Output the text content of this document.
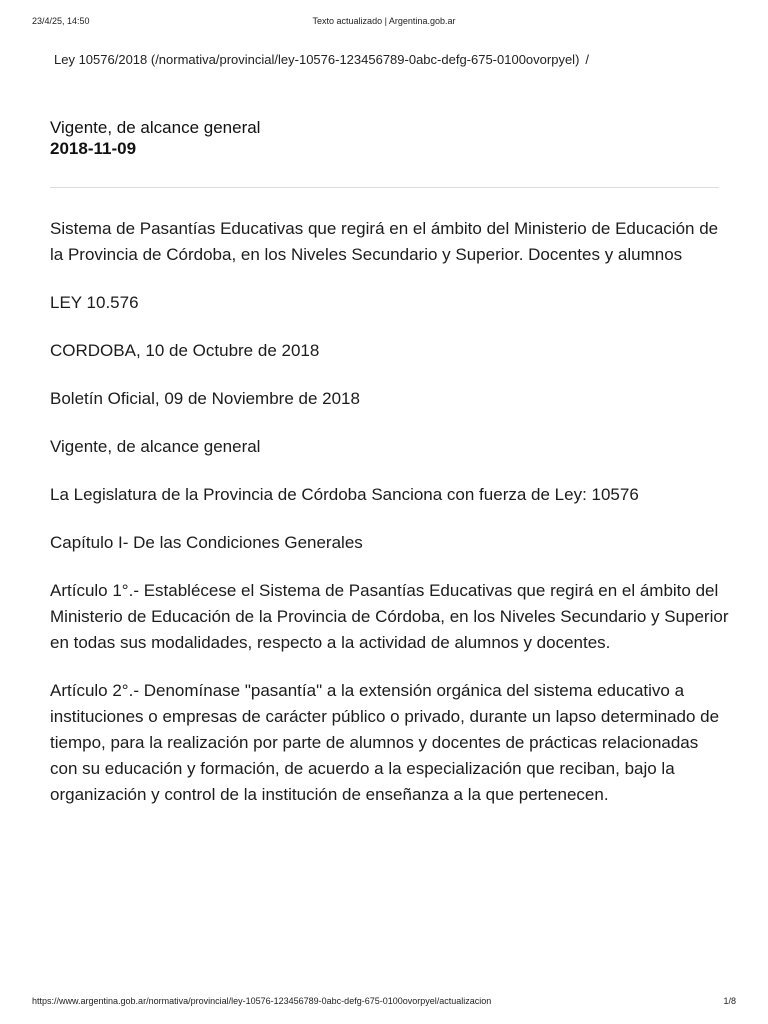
23/4/25, 14:50	Texto actualizado | Argentina.gob.ar
Ley 10576/2018 (/normativa/provincial/ley-10576-123456789-0abc-defg-675-0100ovorpyel) /
Vigente, de alcance general
2018-11-09

Sistema de Pasantías Educativas que regirá en el ámbito del Ministerio de Educación de la Provincia de Córdoba, en los Niveles Secundario y Superior. Docentes y alumnos

LEY 10.576

CORDOBA, 10 de Octubre de 2018

Boletín Oficial, 09 de Noviembre de 2018

Vigente, de alcance general

La Legislatura de la Provincia de Córdoba Sanciona con fuerza de Ley: 10576

Capítulo I- De las Condiciones Generales

Artículo 1°.- Establécese el Sistema de Pasantías Educativas que regirá en el ámbito del Ministerio de Educación de la Provincia de Córdoba, en los Niveles Secundario y Superior en todas sus modalidades, respecto a la actividad de alumnos y docentes.

Artículo 2°.- Denomínase "pasantía" a la extensión orgánica del sistema educativo a instituciones o empresas de carácter público o privado, durante un lapso determinado de tiempo, para la realización por parte de alumnos y docentes de prácticas relacionadas con su educación y formación, de acuerdo a la especialización que reciban, bajo la organización y control de la institución de enseñanza a la que pertenecen.

https://www.argentina.gob.ar/normativa/provincial/ley-10576-123456789-0abc-defg-675-0100ovorpyel/actualizacion	1/8
